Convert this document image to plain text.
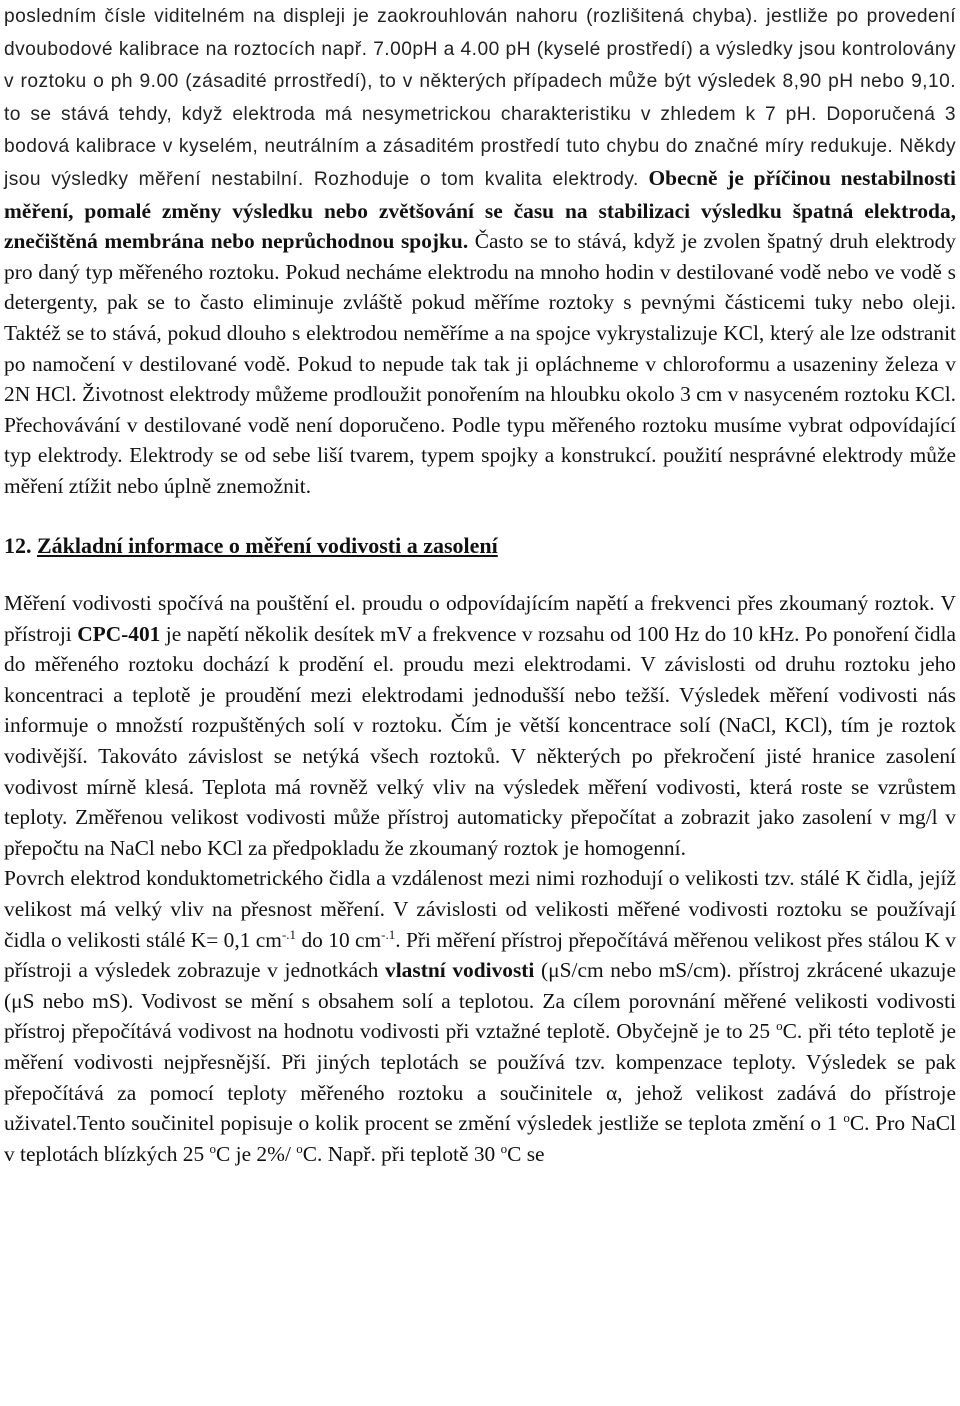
posledním čísle viditelném na displeji je zaokrouhlován nahoru (rozlišitená chyba). jestliže po provedení dvoubodové kalibrace na roztocích např. 7.00pH a 4.00 pH (kyselé prostředí) a výsledky jsou kontrolovány v roztoku o ph 9.00 (zásadité prrostředí), to v některých případech může být výsledek 8,90 pH nebo 9,10. to se stává tehdy, když elektroda má nesymetrickou charakteristiku v zhledem k 7 pH. Doporučená 3 bodová kalibrace v kyselém, neutrálním a zásaditém prostředí tuto chybu do značné míry redukuje. Někdy jsou výsledky měření nestabilní. Rozhoduje o tom kvalita elektrody. Obecně je příčinou nestabilnosti měření, pomalé změny výsledku nebo zvětšování se času na stabilizaci výsledku špatná elektroda, znečištěná membrána nebo neprůchodnou spojku. Často se to stává, když je zvolen špatný druh elektrody pro daný typ měřeného roztoku. Pokud necháme elektrodu na mnoho hodin v destilované vodě nebo ve vodě s detergenty, pak se to často eliminuje zvláště pokud měříme roztoky s pevnými částicemi tuky nebo oleji. Taktéž se to stává, pokud dlouho s elektrodou neměříme a na spojce vykrystalizuje KCl, který ale lze odstranit po namočení v destilované vodě. Pokud to nepude tak tak ji opláchneme v chloroformu a usazeniny železa v 2N HCl. Životnost elektrody můžeme prodloužit ponořením na hloubku okolo 3 cm v nasyceném roztoku KCl. Přechovávání v destilované vodě není doporučeno. Podle typu měřeného roztoku musíme vybrat odpovídající typ elektrody. Elektrody se od sebe liší tvarem, typem spojky a konstrukcí. použití nesprávné elektrody může měření ztížit nebo úplně znemožnit.

12. Základní informace o měření vodivosti a zasolení

Měření vodivosti spočívá na pouštění el. proudu o odpovídajícím napětí a frekvenci přes zkoumaný roztok. V přístroji CPC-401 je napětí několik desítek mV a frekvence v rozsahu od 100 Hz do 10 kHz. Po ponoření čidla do měřeného roztoku dochází k prodění el. proudu mezi elektrodami. V závislosti od druhu roztoku jeho koncentraci a teplotě je proudění mezi elektrodami jednodušší nebo težší. Výsledek měření vodivosti nás informuje o množstí rozpuštěných solí v roztoku. Čím je větší koncentrace solí (NaCl, KCl), tím je roztok vodivější. Takováto závislost se netýká všech roztoků. V některých po překročení jisté hranice zasolení vodivost mírně klesá. Teplota má rovněž velký vliv na výsledek měření vodivosti, která roste se vzrůstem teploty. Změřenou velikost vodivosti může přístroj automaticky přepočítat a zobrazit jako zasolení v mg/l v přepočtu na NaCl nebo KCl za předpokladu že zkoumaný roztok je homogenní.

Povrch elektrod konduktometrického čidla a vzdálenost mezi nimi rozhodují o velikosti tzv. stálé K čidla, jejíž velikost má velký vliv na přesnost měření. V závislosti od velikosti měřené vodivosti roztoku se používají čidla o velikosti stálé K= 0,1 $cm^{-.1}$ do 10 $cm^{-.1}$. Při měření přístroj přepočítává měřenou velikost přes stálou K v přístroji a výsledek zobrazuje v jednotkách vlastní vodivosti (μS/cm nebo mS/cm). přístroj zkrácené ukazuje (μS nebo mS). Vodivost se mění s obsahem solí a teplotou. Za cílem porovnání měřené velikosti vodivosti přístroj přepočítává vodivost na hodnotu vodivosti při vztažné teplotě. Obyčejně je to 25 $^o$C. při této teplotě je měření vodivosti nejpřesnější. Při jiných teplotách se používá tzv. kompenzace teploty. Výsledek se pak přepočítává za pomocí teploty měřeného roztoku a součinitele α, jehož velikost zadává do přístroje uživatel.Tento součinitel popisuje o kolik procent se změní výsledek jestliže se teplota změní o 1 $^o$C. Pro NaCl v teplotách blízkých 25 $^o$C je 2%/ $^o$C. Např. při teplotě 30 $^o$C se
